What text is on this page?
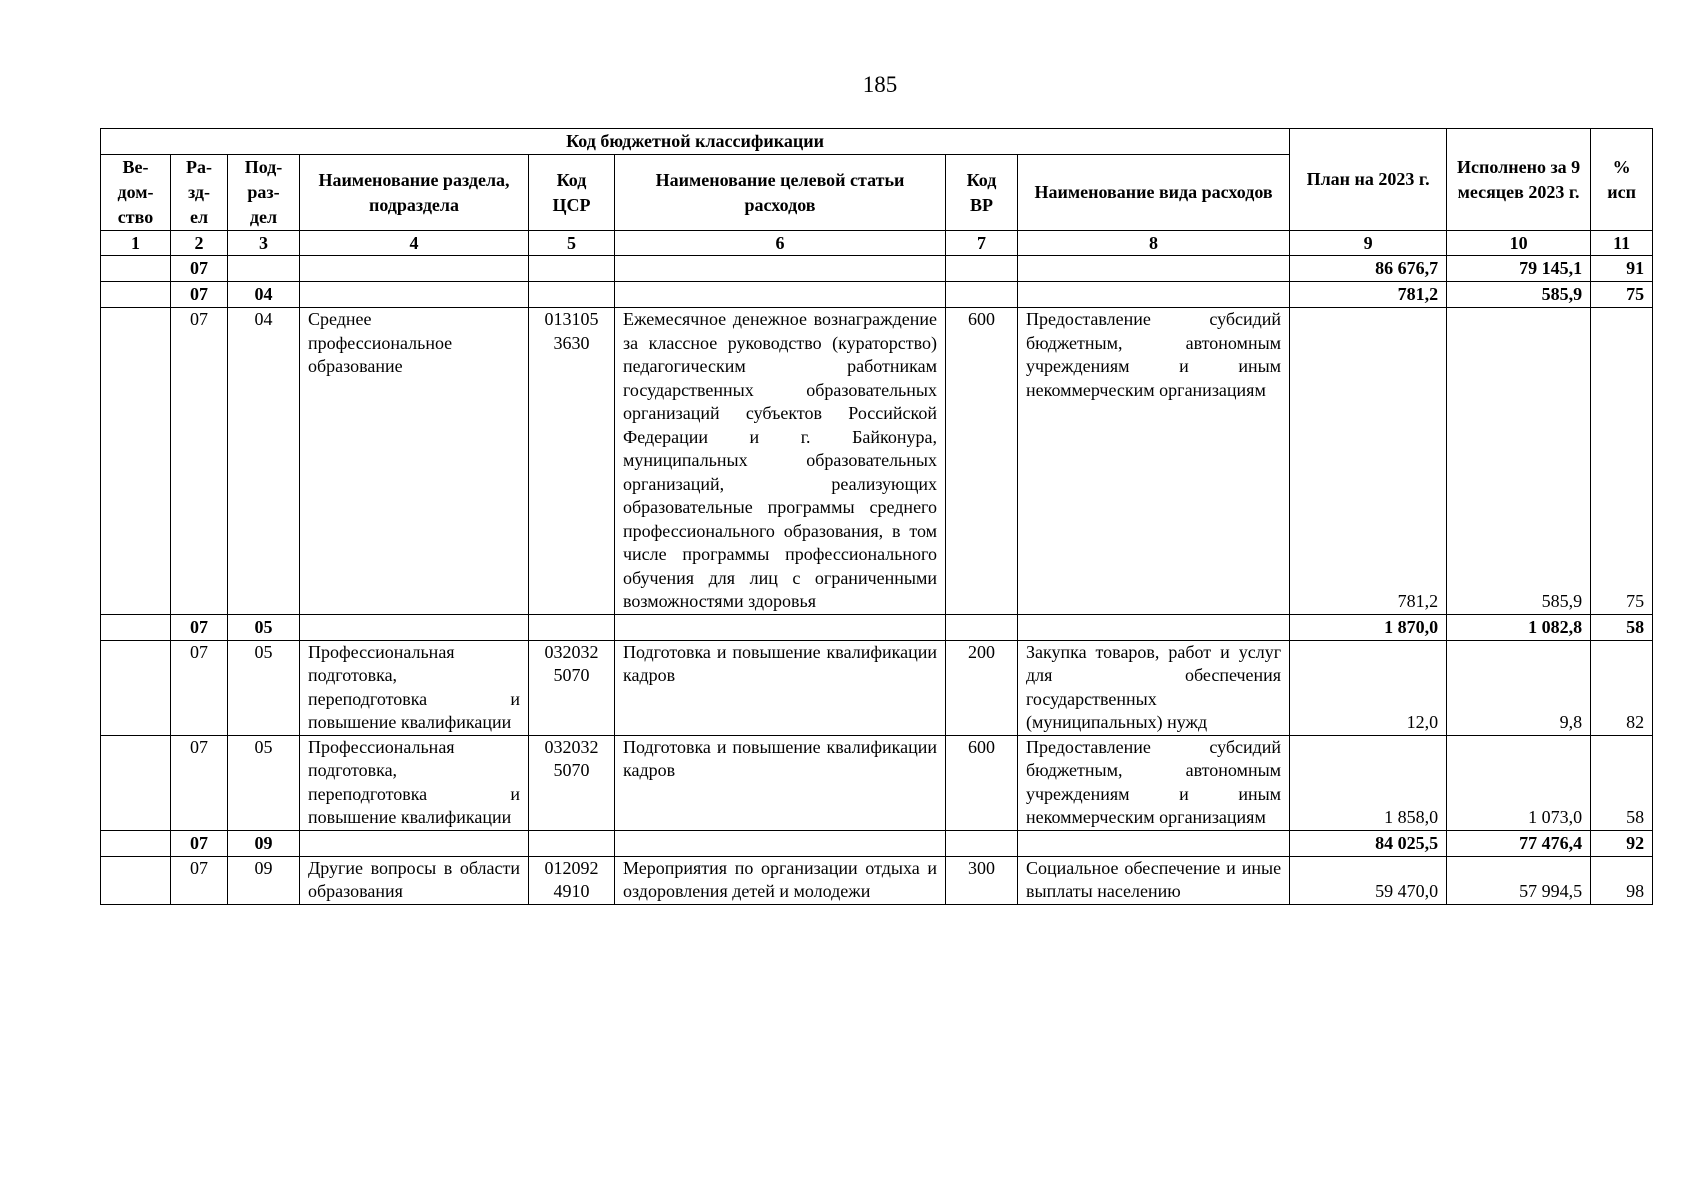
185
Код бюджетной классификации								План на 2023 г.	Исполнено за 9 месяцев 2023 г.	% исп
Ве-дом-ство	Ра-зд-ел	Под-раз-дел	Наименование раздела, подраздела	Код ЦСР	Наименование целевой статьи расходов	Код ВР	Наименование вида расходов			
1	2	3	4	5	6	7	8	9	10	11
	07							86 676,7	79 145,1	91
	07	04						781,2	585,9	75
	07	04	Среднее профессиональное образование	013105 3630	Ежемесячное денежное вознаграждение за классное руководство (кураторство) педагогическим работникам государственных образовательных организаций субъектов Российской Федерации и г. Байконура, муниципальных образовательных организаций, реализующих образовательные программы среднего профессионального образования, в том числе программы профессионального обучения для лиц с ограниченными возможностями здоровья	600	Предоставление субсидий бюджетным, автономным учреждениям и иным некоммерческим организациям	781,2	585,9	75
	07	05						1 870,0	1 082,8	58
	07	05	Профессиональная подготовка, переподготовка и повышение квалификации	032032 5070	Подготовка и повышение квалификации кадров	200	Закупка товаров, работ и услуг для обеспечения государственных (муниципальных) нужд	12,0	9,8	82
	07	05	Профессиональная подготовка, переподготовка и повышение квалификации	032032 5070	Подготовка и повышение квалификации кадров	600	Предоставление субсидий бюджетным, автономным учреждениям и иным некоммерческим организациям	1 858,0	1 073,0	58
	07	09						84 025,5	77 476,4	92
	07	09	Другие вопросы в области образования	012092 4910	Мероприятия по организации отдыха и оздоровления детей и молодежи	300	Социальное обеспечение и иные выплаты населению	59 470,0	57 994,5	98
